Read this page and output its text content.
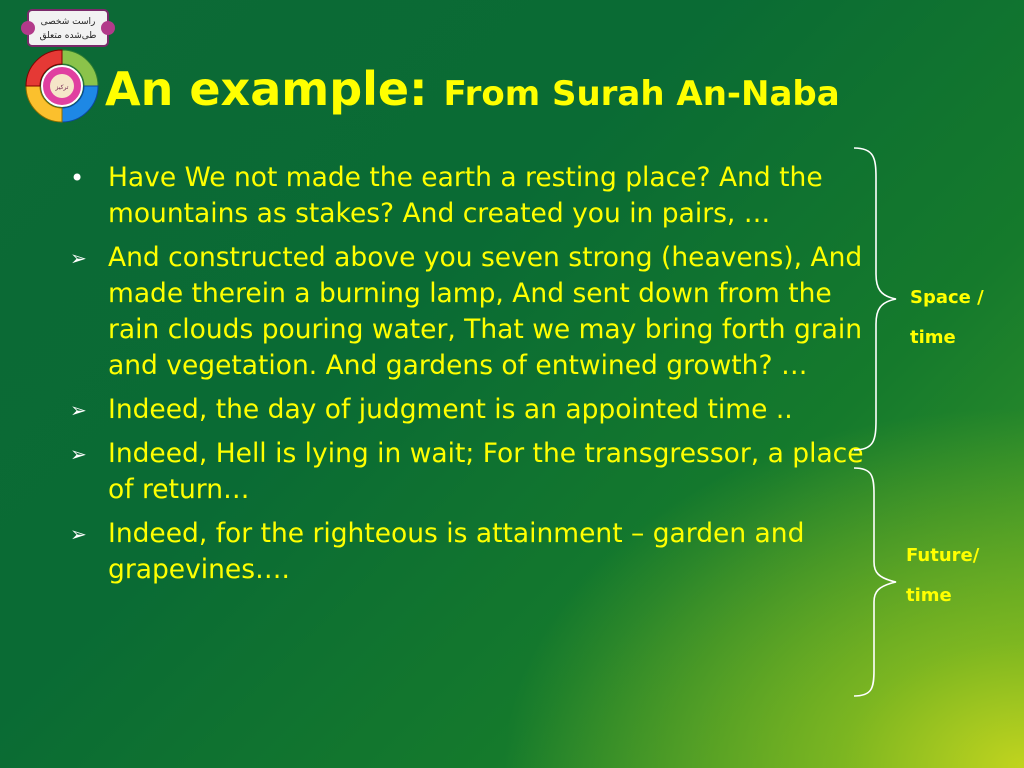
راست شخصی
طی‌شده متعلق
تركيز An example: From Surah An-Naba
• Have We not made the earth a resting place? And the mountains as stakes? And created you in pairs, …
➢ And constructed above you seven strong (heavens), And made therein a burning lamp, And sent down from the rain clouds pouring water, That we may bring forth grain and vegetation. And gardens of entwined growth? …
➢ Indeed, the day of judgment is an appointed time ..
➢ Indeed, Hell is lying in wait; For the transgressor, a place of return…
➢ Indeed, for the righteous is attainment – garden and grapevines….
Space /
time
Future/
time
